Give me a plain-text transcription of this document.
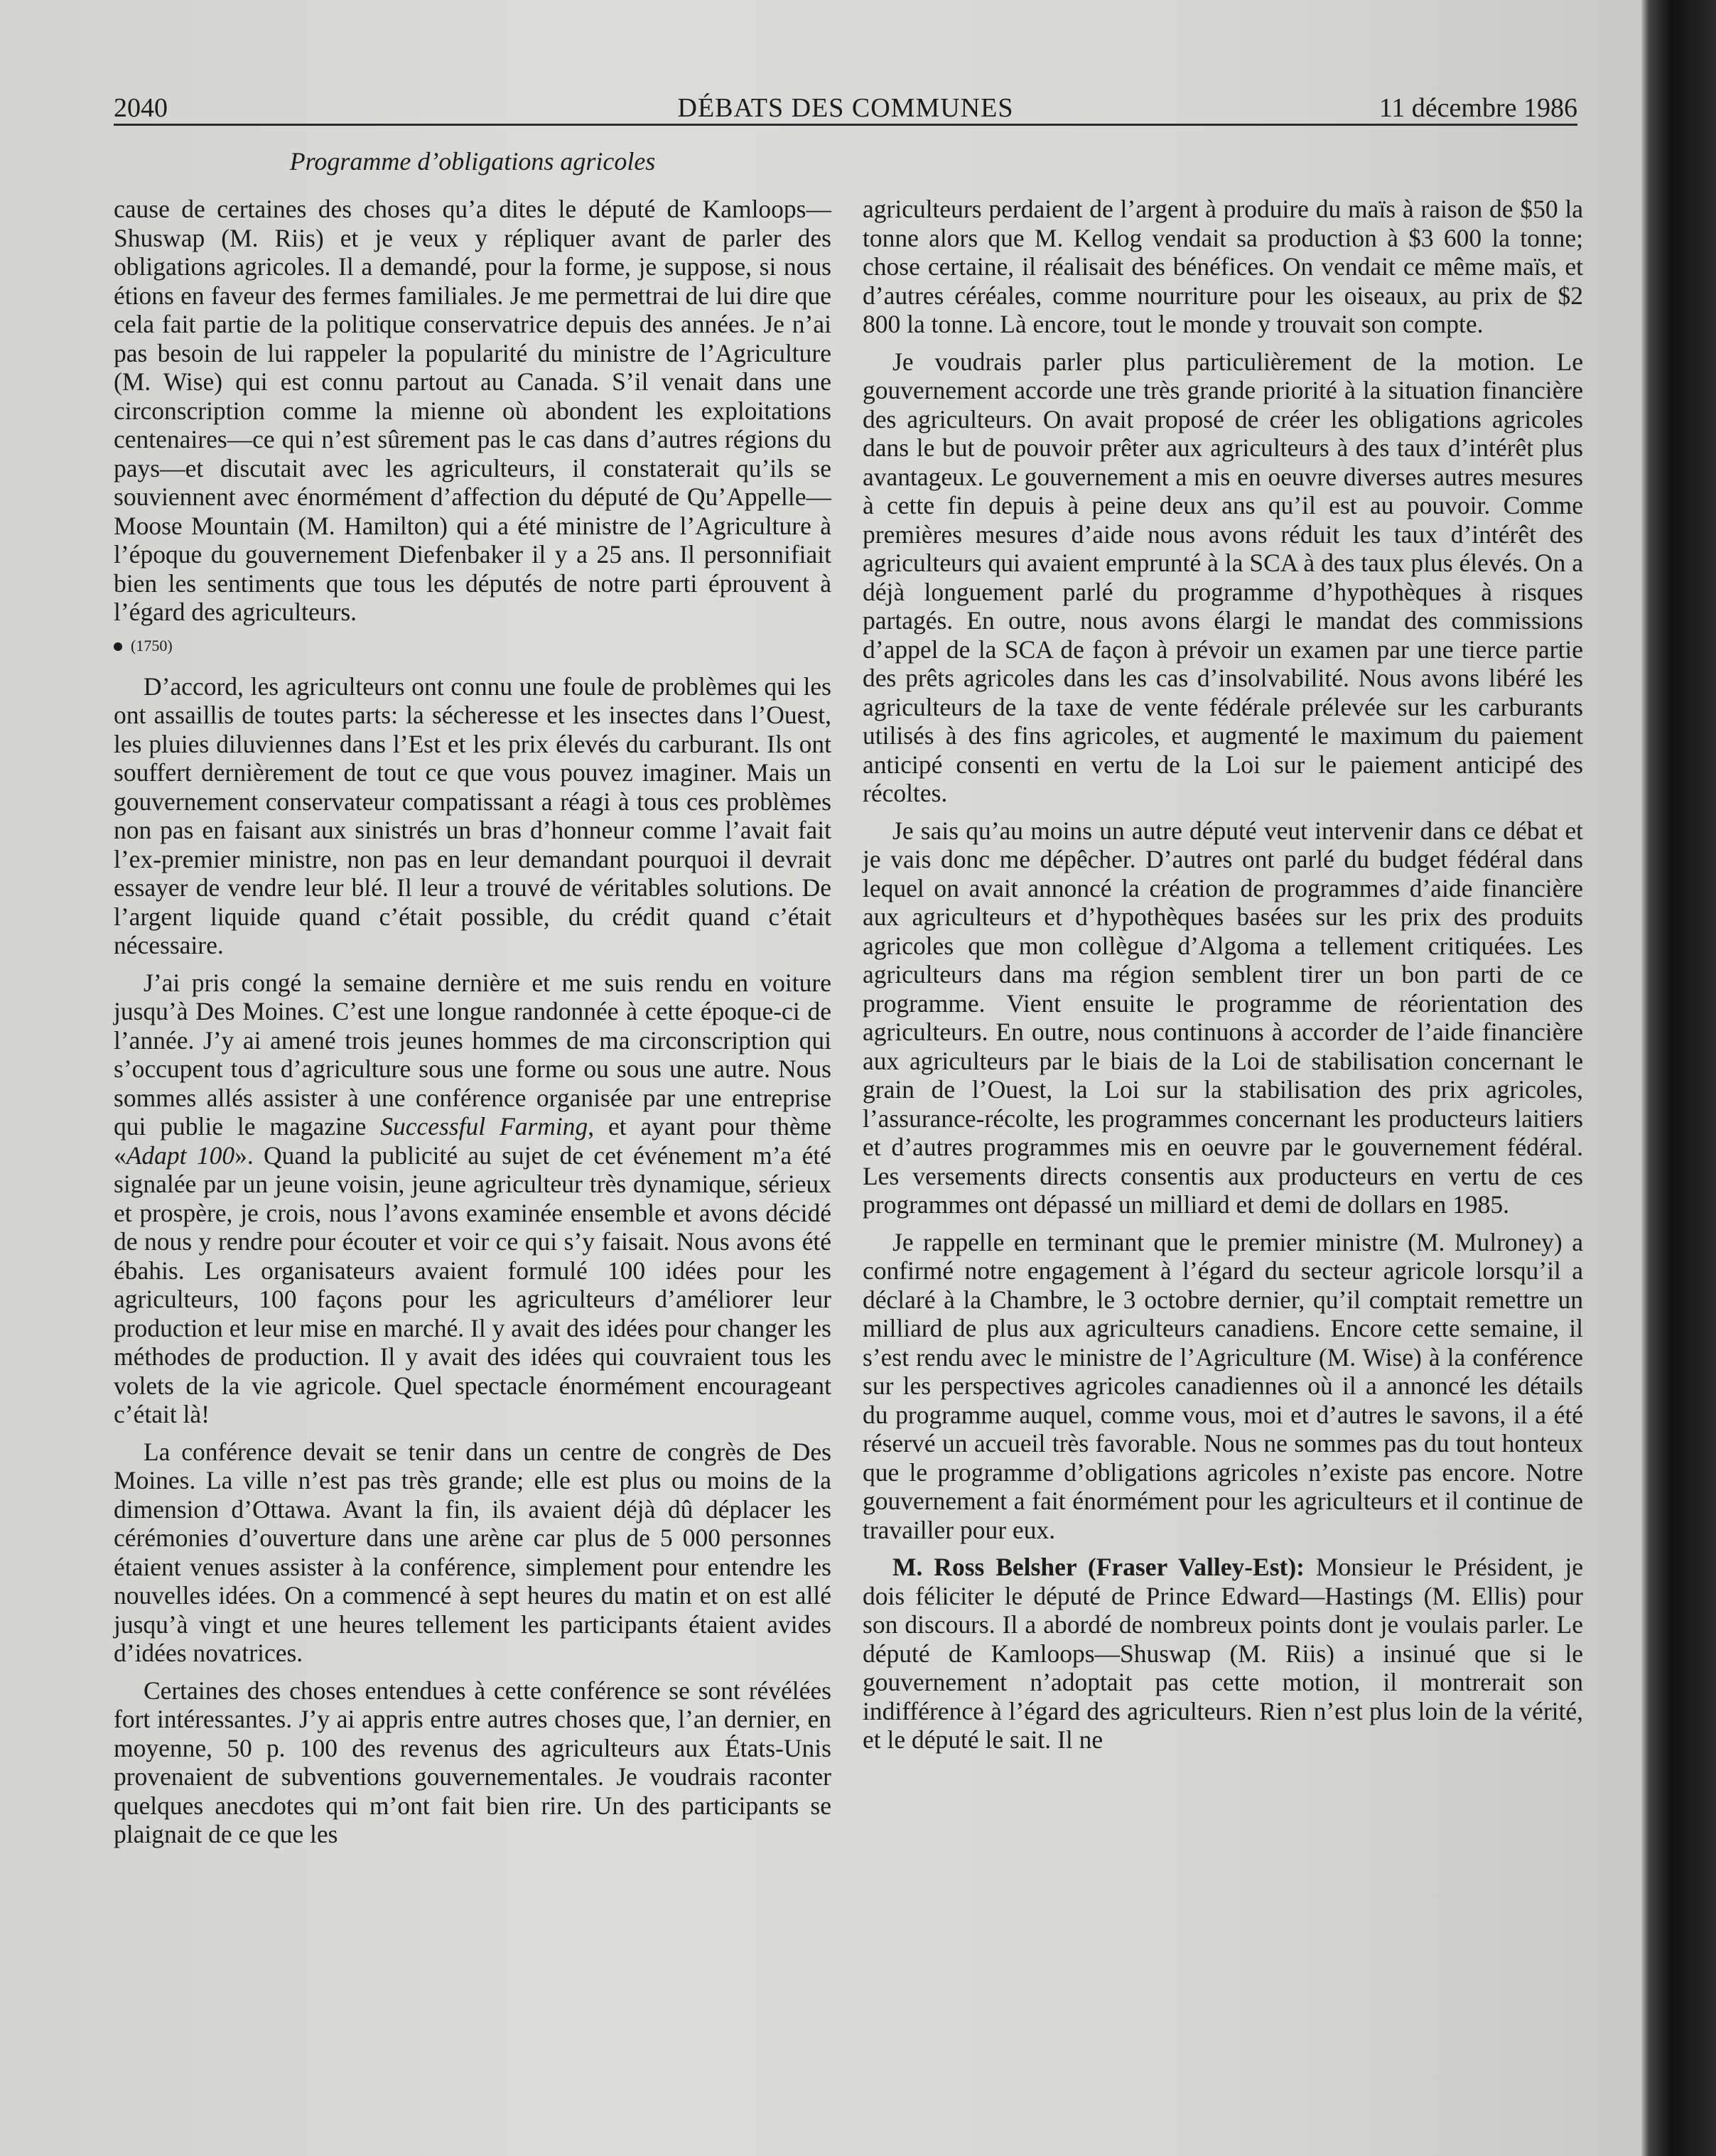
2040	DÉBATS DES COMMUNES	11 décembre 1986
Programme d’obligations agricoles

cause de certaines des choses qu’a dites le député de Kamloops—Shuswap (M. Riis) et je veux y répliquer avant de parler des obligations agricoles. Il a demandé, pour la forme, je suppose, si nous étions en faveur des fermes familiales. Je me permettrai de lui dire que cela fait partie de la politique conservatrice depuis des années. Je n’ai pas besoin de lui rappeler la popularité du ministre de l’Agriculture (M. Wise) qui est connu partout au Canada. S’il venait dans une circonscription comme la mienne où abondent les exploitations centenaires—ce qui n’est sûrement pas le cas dans d’autres régions du pays—et discutait avec les agriculteurs, il constaterait qu’ils se souviennent avec énormément d’affection du député de Qu’Appelle—Moose Mountain (M. Hamilton) qui a été ministre de l’Agriculture à l’époque du gouvernement Diefenbaker il y a 25 ans. Il personnifiait bien les sentiments que tous les députés de notre parti éprouvent à l’égard des agriculteurs.

(1750)

D’accord, les agriculteurs ont connu une foule de problèmes qui les ont assaillis de toutes parts: la sécheresse et les insectes dans l’Ouest, les pluies diluviennes dans l’Est et les prix élevés du carburant. Ils ont souffert dernièrement de tout ce que vous pouvez imaginer. Mais un gouvernement conservateur compatissant a réagi à tous ces problèmes non pas en faisant aux sinistrés un bras d’honneur comme l’avait fait l’ex-premier ministre, non pas en leur demandant pourquoi il devrait essayer de vendre leur blé. Il leur a trouvé de véritables solutions. De l’argent liquide quand c’était possible, du crédit quand c’était nécessaire.

J’ai pris congé la semaine dernière et me suis rendu en voiture jusqu’à Des Moines. C’est une longue randonnée à cette époque-ci de l’année. J’y ai amené trois jeunes hommes de ma circonscription qui s’occupent tous d’agriculture sous une forme ou sous une autre. Nous sommes allés assister à une conférence organisée par une entreprise qui publie le magazine Successful Farming, et ayant pour thème «Adapt 100». Quand la publicité au sujet de cet événement m’a été signalée par un jeune voisin, jeune agriculteur très dynamique, sérieux et prospère, je crois, nous l’avons examinée ensemble et avons décidé de nous y rendre pour écouter et voir ce qui s’y faisait. Nous avons été ébahis. Les organisateurs avaient formulé 100 idées pour les agriculteurs, 100 façons pour les agriculteurs d’améliorer leur production et leur mise en marché. Il y avait des idées pour changer les méthodes de production. Il y avait des idées qui couvraient tous les volets de la vie agricole. Quel spectacle énormément encourageant c’était là!

La conférence devait se tenir dans un centre de congrès de Des Moines. La ville n’est pas très grande; elle est plus ou moins de la dimension d’Ottawa. Avant la fin, ils avaient déjà dû déplacer les cérémonies d’ouverture dans une arène car plus de 5 000 personnes étaient venues assister à la conférence, simplement pour entendre les nouvelles idées. On a commencé à sept heures du matin et on est allé jusqu’à vingt et une heures tellement les participants étaient avides d’idées novatrices.

Certaines des choses entendues à cette conférence se sont révélées fort intéressantes. J’y ai appris entre autres choses que, l’an dernier, en moyenne, 50 p. 100 des revenus des agriculteurs aux États-Unis provenaient de subventions gouvernementales. Je voudrais raconter quelques anecdotes qui m’ont fait bien rire. Un des participants se plaignait de ce que les

agriculteurs perdaient de l’argent à produire du maïs à raison de $50 la tonne alors que M. Kellog vendait sa production à $3 600 la tonne; chose certaine, il réalisait des bénéfices. On vendait ce même maïs, et d’autres céréales, comme nourriture pour les oiseaux, au prix de $2 800 la tonne. Là encore, tout le monde y trouvait son compte.

Je voudrais parler plus particulièrement de la motion. Le gouvernement accorde une très grande priorité à la situation financière des agriculteurs. On avait proposé de créer les obligations agricoles dans le but de pouvoir prêter aux agriculteurs à des taux d’intérêt plus avantageux. Le gouvernement a mis en oeuvre diverses autres mesures à cette fin depuis à peine deux ans qu’il est au pouvoir. Comme premières mesures d’aide nous avons réduit les taux d’intérêt des agriculteurs qui avaient emprunté à la SCA à des taux plus élevés. On a déjà longuement parlé du programme d’hypothèques à risques partagés. En outre, nous avons élargi le mandat des commissions d’appel de la SCA de façon à prévoir un examen par une tierce partie des prêts agricoles dans les cas d’insolvabilité. Nous avons libéré les agriculteurs de la taxe de vente fédérale prélevée sur les carburants utilisés à des fins agricoles, et augmenté le maximum du paiement anticipé consenti en vertu de la Loi sur le paiement anticipé des récoltes.

Je sais qu’au moins un autre député veut intervenir dans ce débat et je vais donc me dépêcher. D’autres ont parlé du budget fédéral dans lequel on avait annoncé la création de programmes d’aide financière aux agriculteurs et d’hypothèques basées sur les prix des produits agricoles que mon collègue d’Algoma a tellement critiquées. Les agriculteurs dans ma région semblent tirer un bon parti de ce programme. Vient ensuite le programme de réorientation des agriculteurs. En outre, nous continuons à accorder de l’aide financière aux agriculteurs par le biais de la Loi de stabilisation concernant le grain de l’Ouest, la Loi sur la stabilisation des prix agricoles, l’assurance-récolte, les programmes concernant les producteurs laitiers et d’autres programmes mis en oeuvre par le gouvernement fédéral. Les versements directs consentis aux producteurs en vertu de ces programmes ont dépassé un milliard et demi de dollars en 1985.

Je rappelle en terminant que le premier ministre (M. Mulroney) a confirmé notre engagement à l’égard du secteur agricole lorsqu’il a déclaré à la Chambre, le 3 octobre dernier, qu’il comptait remettre un milliard de plus aux agriculteurs canadiens. Encore cette semaine, il s’est rendu avec le ministre de l’Agriculture (M. Wise) à la conférence sur les perspectives agricoles canadiennes où il a annoncé les détails du programme auquel, comme vous, moi et d’autres le savons, il a été réservé un accueil très favorable. Nous ne sommes pas du tout honteux que le programme d’obligations agricoles n’existe pas encore. Notre gouvernement a fait énormément pour les agriculteurs et il continue de travailler pour eux.

M. Ross Belsher (Fraser Valley-Est): Monsieur le Président, je dois féliciter le député de Prince Edward—Hastings (M. Ellis) pour son discours. Il a abordé de nombreux points dont je voulais parler. Le député de Kamloops—Shuswap (M. Riis) a insinué que si le gouvernement n’adoptait pas cette motion, il montrerait son indifférence à l’égard des agriculteurs. Rien n’est plus loin de la vérité, et le député le sait. Il ne
